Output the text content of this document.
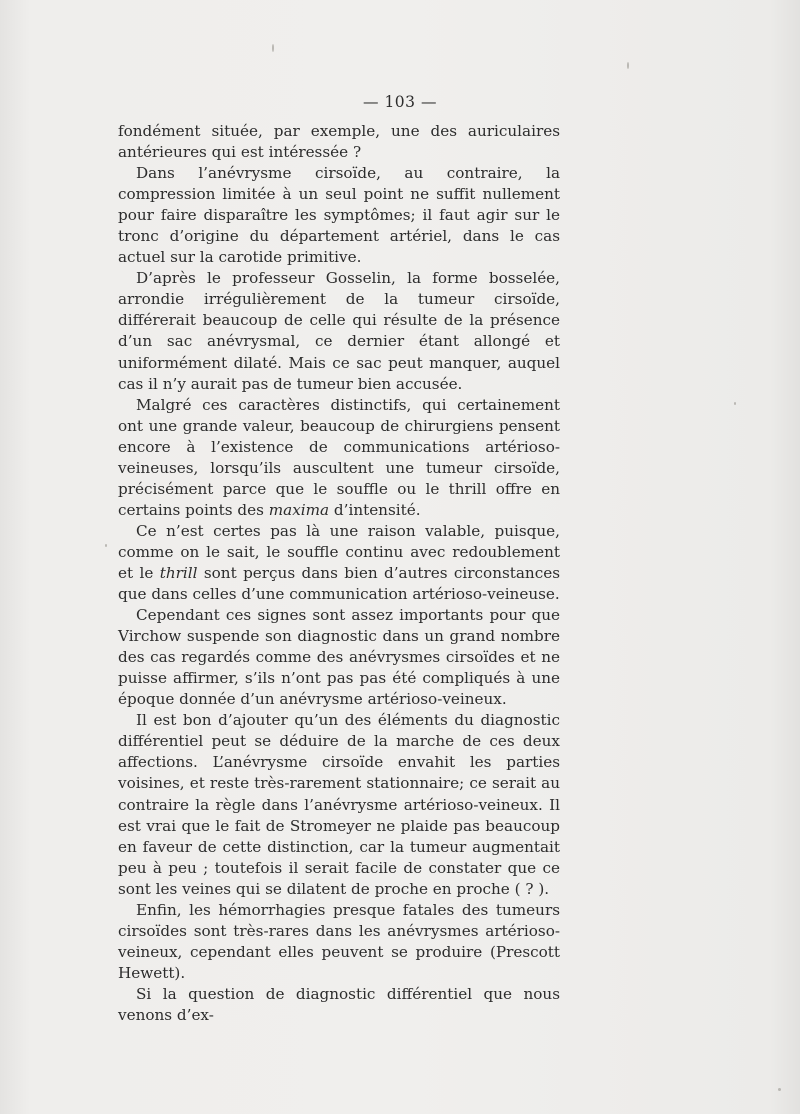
— 103 —

fondément située, par exemple, une des auriculaires antérieures qui est intéressée ?

Dans l’anévrysme cirsoïde, au contraire, la compression limitée à un seul point ne suffit nullement pour faire disparaître les symptômes; il faut agir sur le tronc d’origine du département artériel, dans le cas actuel sur la carotide primitive.

D’après le professeur Gosselin, la forme bosselée, arrondie irrégulièrement de la tumeur cirsoïde, différerait beaucoup de celle qui résulte de la présence d’un sac anévrysmal, ce dernier étant allongé et uniformément dilaté. Mais ce sac peut manquer, auquel cas il n’y aurait pas de tumeur bien accusée.

Malgré ces caractères distinctifs, qui certainement ont une grande valeur, beaucoup de chirurgiens pensent encore à l’existence de communications artérioso-veineuses, lorsqu’ils auscultent une tumeur cirsoïde, précisément parce que le souffle ou le thrill offre en certains points des maxima d’intensité.

Ce n’est certes pas là une raison valable, puisque, comme on le sait, le souffle continu avec redoublement et le thrill sont perçus dans bien d’autres circonstances que dans celles d’une communication artérioso-veineuse.

Cependant ces signes sont assez importants pour que Virchow suspende son diagnostic dans un grand nombre des cas regardés comme des anévrysmes cirsoïdes et ne puisse affirmer, s’ils n’ont pas pas été compliqués à une époque donnée d’un anévrysme artérioso-veineux.

Il est bon d’ajouter qu’un des éléments du diagnostic différentiel peut se déduire de la marche de ces deux affections. L’anévrysme cirsoïde envahit les parties voisines, et reste très-rarement stationnaire; ce serait au contraire la règle dans l’anévrysme artérioso-veineux. Il est vrai que le fait de Stromeyer ne plaide pas beaucoup en faveur de cette distinction, car la tumeur augmentait peu à peu ; toutefois il serait facile de constater que ce sont les veines qui se dilatent de proche en proche ( ? ).

Enfin, les hémorrhagies presque fatales des tumeurs cirsoïdes sont très-rares dans les anévrysmes artérioso-veineux, cependant elles peuvent se produire (Prescott Hewett).

Si la question de diagnostic différentiel que nous venons d’ex-
